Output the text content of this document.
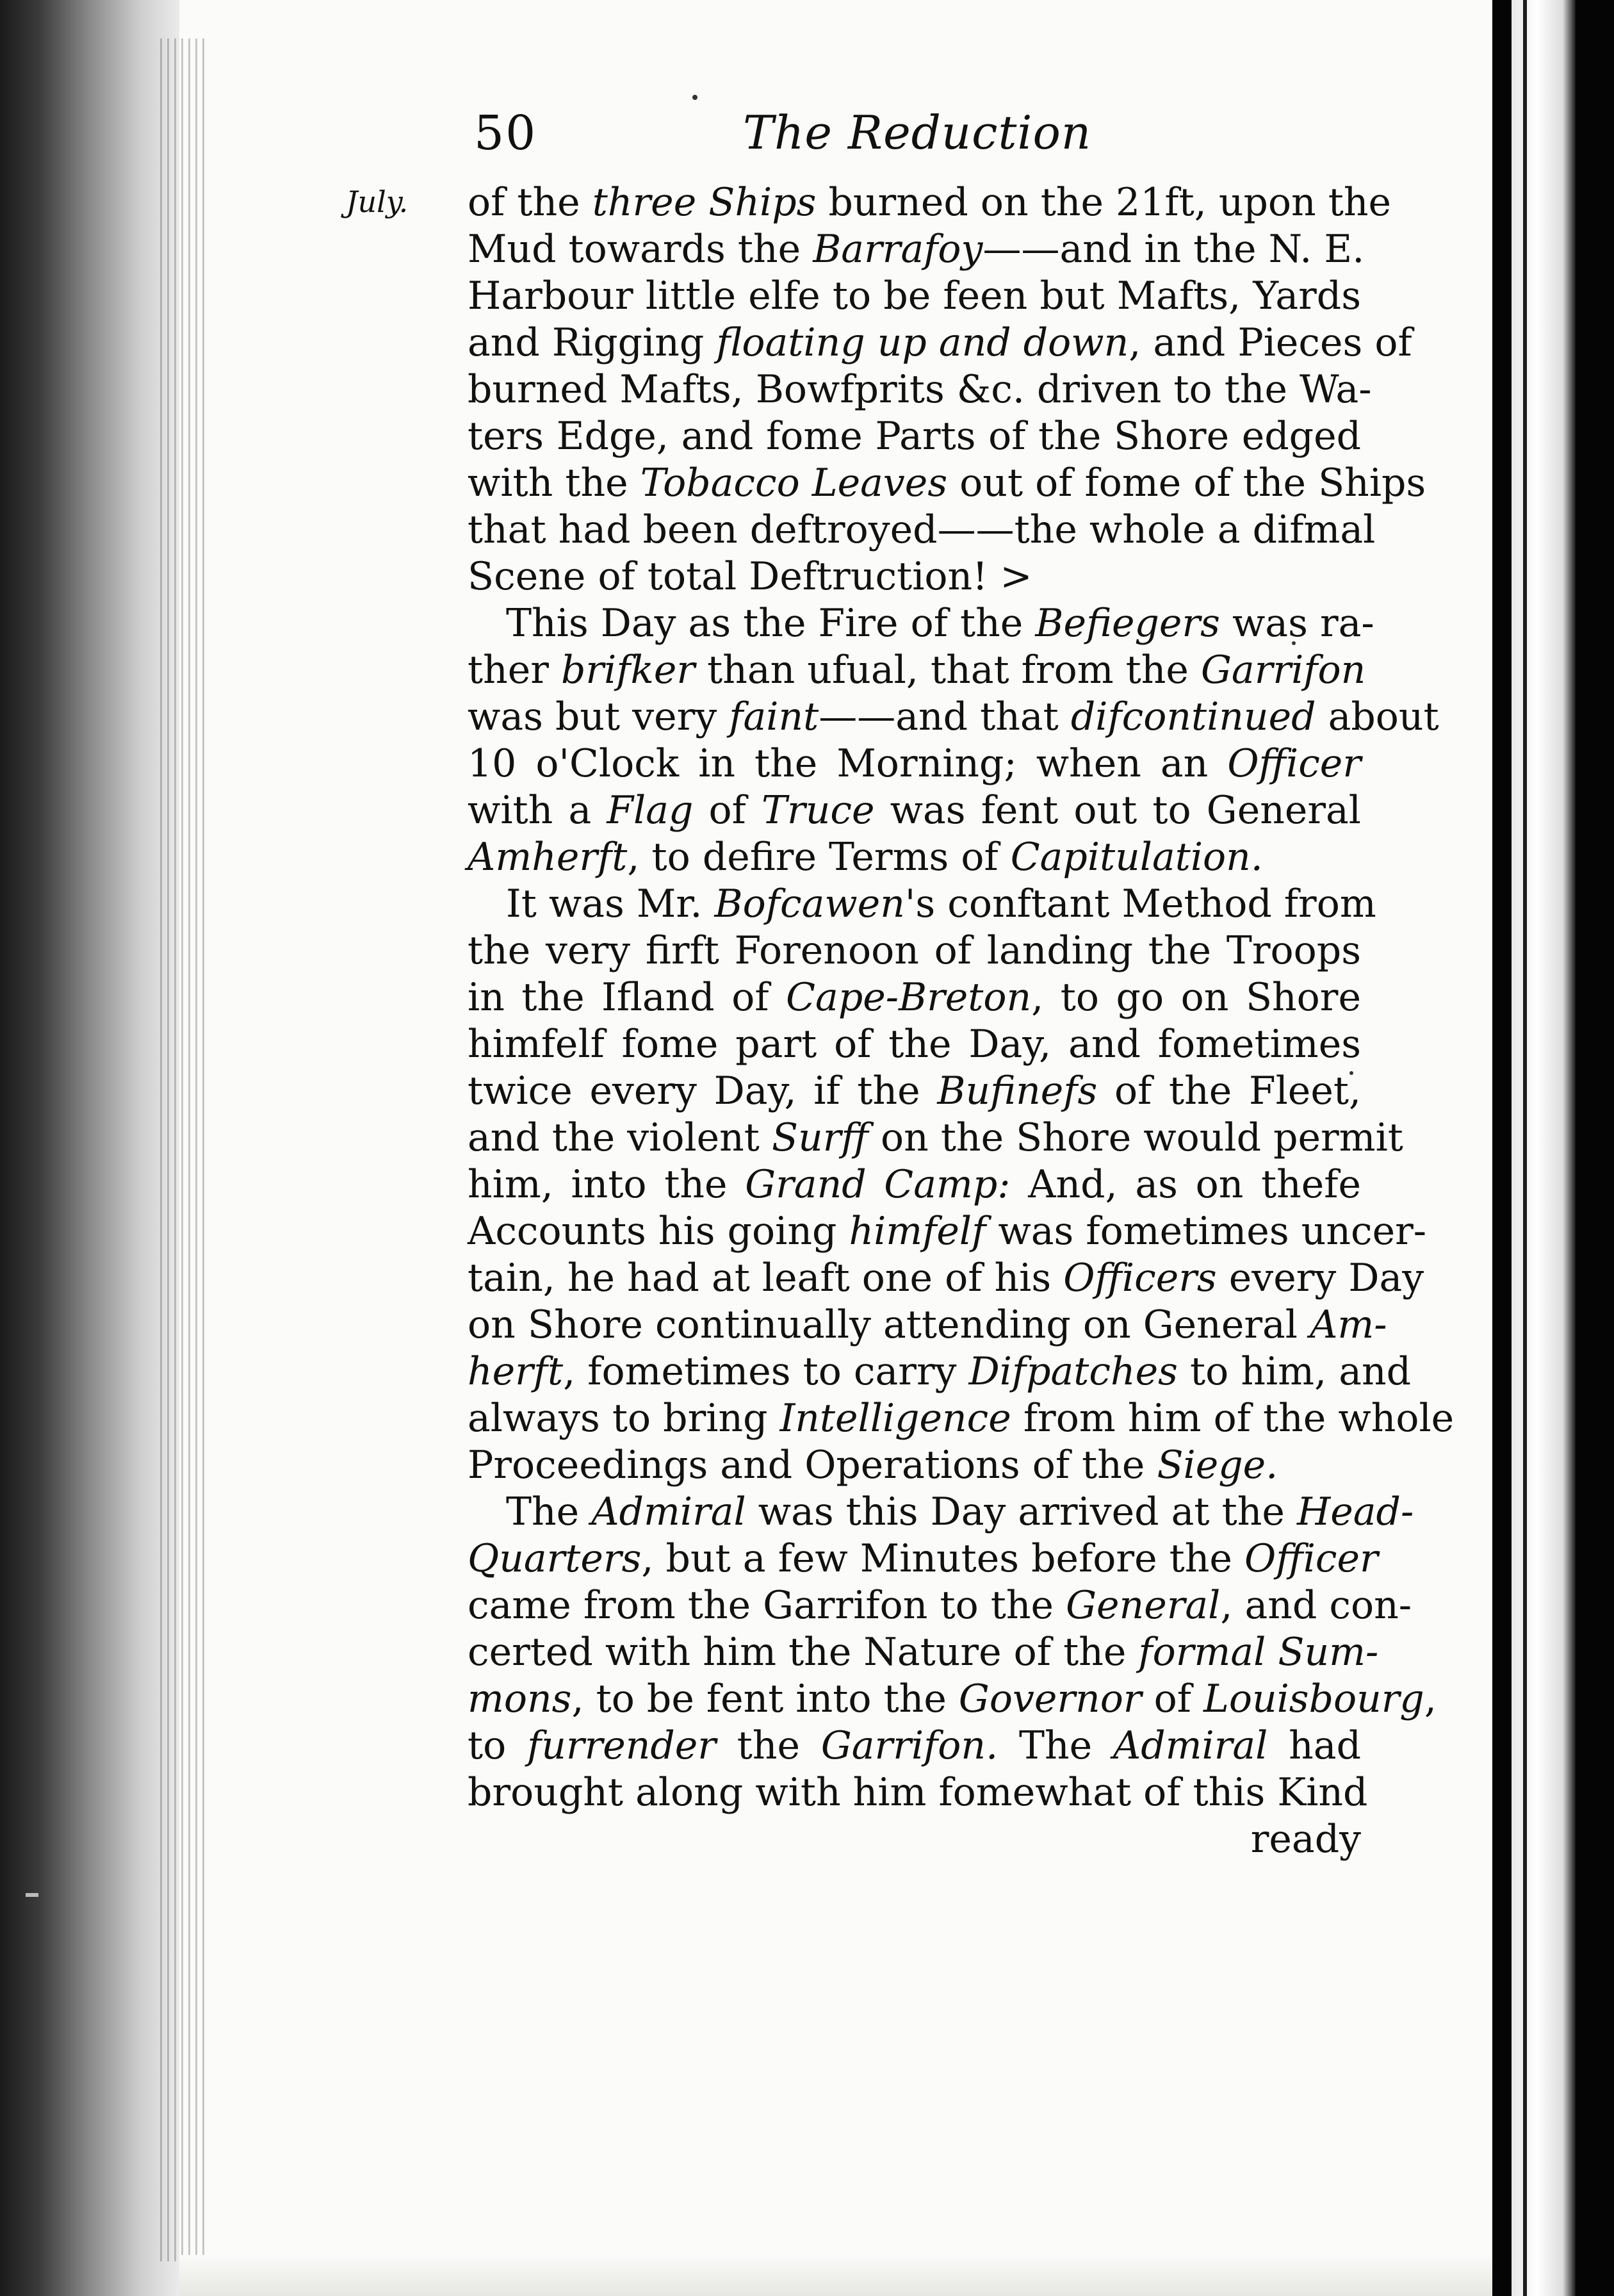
50	The Reduction
July. of the three Ships burned on the 21ft, upon the
Mud towards the Barrafoy——and in the N. E.
Harbour little elfe to be feen but Mafts, Yards
and Rigging floating up and down, and Pieces of
burned Mafts, Bowfprits &c. driven to the Wa-
ters Edge, and fome Parts of the Shore edged
with the Tobacco Leaves out of fome of the Ships
that had been deftroyed——the whole a difmal
Scene of total Deftruction! >
This Day as the Fire of the Befiegers was ra-
ther brifker than ufual, that from the Garrifon
was but very faint——and that difcontinued about
10 o'Clock in the Morning; when an Officer
with a Flag of Truce was fent out to General
Amherft, to defire Terms of Capitulation.
It was Mr. Bofcawen's conftant Method from
the very firft Forenoon of landing the Troops
in the Ifland of Cape-Breton, to go on Shore
himfelf fome part of the Day, and fometimes
twice every Day, if the Bufinefs of the Fleet,
and the violent Surff on the Shore would permit
him, into the Grand Camp: And, as on thefe
Accounts his going himfelf was fometimes uncer-
tain, he had at leaft one of his Officers every Day
on Shore continually attending on General Am-
herft, fometimes to carry Difpatches to him, and
always to bring Intelligence from him of the whole
Proceedings and Operations of the Siege.
The Admiral was this Day arrived at the Head-
Quarters, but a few Minutes before the Officer
came from the Garrifon to the General, and con-
certed with him the Nature of the formal Sum-
mons, to be fent into the Governor of Louisbourg,
to furrender the Garrifon. The Admiral had
brought along with him fomewhat of this Kind
ready
